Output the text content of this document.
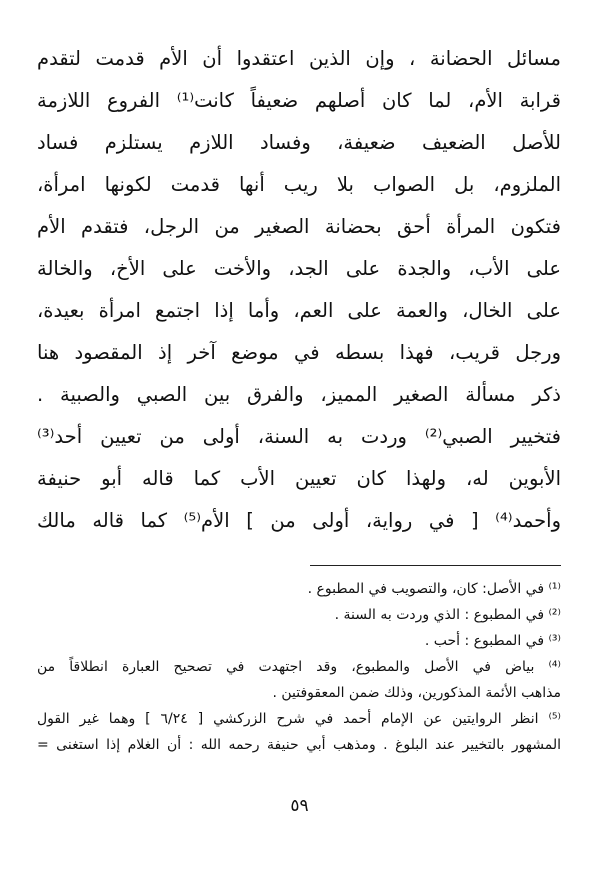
مسائل الحضانة ، وإن الذين اعتقدوا أن الأم قدمت لتقدم
قرابة الأم، لما كان أصلهم ضعيفاً كانت⁽¹⁾ الفروع اللازمة
للأصل الضعيف ضعيفة، وفساد اللازم يستلزم فساد
الملزوم، بل الصواب بلا ريب أنها قدمت لكونها امرأة،
فتكون المرأة أحق بحضانة الصغير من الرجل، فتقدم الأم
على الأب، والجدة على الجد، والأخت على الأخ، والخالة
على الخال، والعمة على العم، وأما إذا اجتمع امرأة بعيدة،
ورجل قريب، فهذا بسطه في موضع آخر إذ المقصود هنا
ذكر مسألة الصغير المميز، والفرق بين الصبي والصبية .
فتخيير الصبي⁽²⁾ وردت به السنة، أولى من تعيين أحد⁽³⁾
الأبوين له، ولهذا كان تعيين الأب كما قاله أبو حنيفة
وأحمد⁽⁴⁾ [ في رواية، أولى من ] الأم⁽⁵⁾ كما قاله مالك
⁽¹⁾ في الأصل: كان، والتصويب في المطبوع .
⁽²⁾ في المطبوع : الذي وردت به السنة .
⁽³⁾ في المطبوع : أحب .
⁽⁴⁾ بياض في الأصل والمطبوع، وقد اجتهدت في تصحيح العبارة انطلاقاً من
مذاهب الأئمة المذكورين، وذلك ضمن المعقوفتين .
⁽⁵⁾ انظر الروايتين عن الإمام أحمد في شرح الزركشي [ ٦/٢٤ ] وهما غير القول
المشهور بالتخيير عند البلوغ . ومذهب أبي حنيفة رحمه الله : أن الغلام إذا استغنى =
٥٩
